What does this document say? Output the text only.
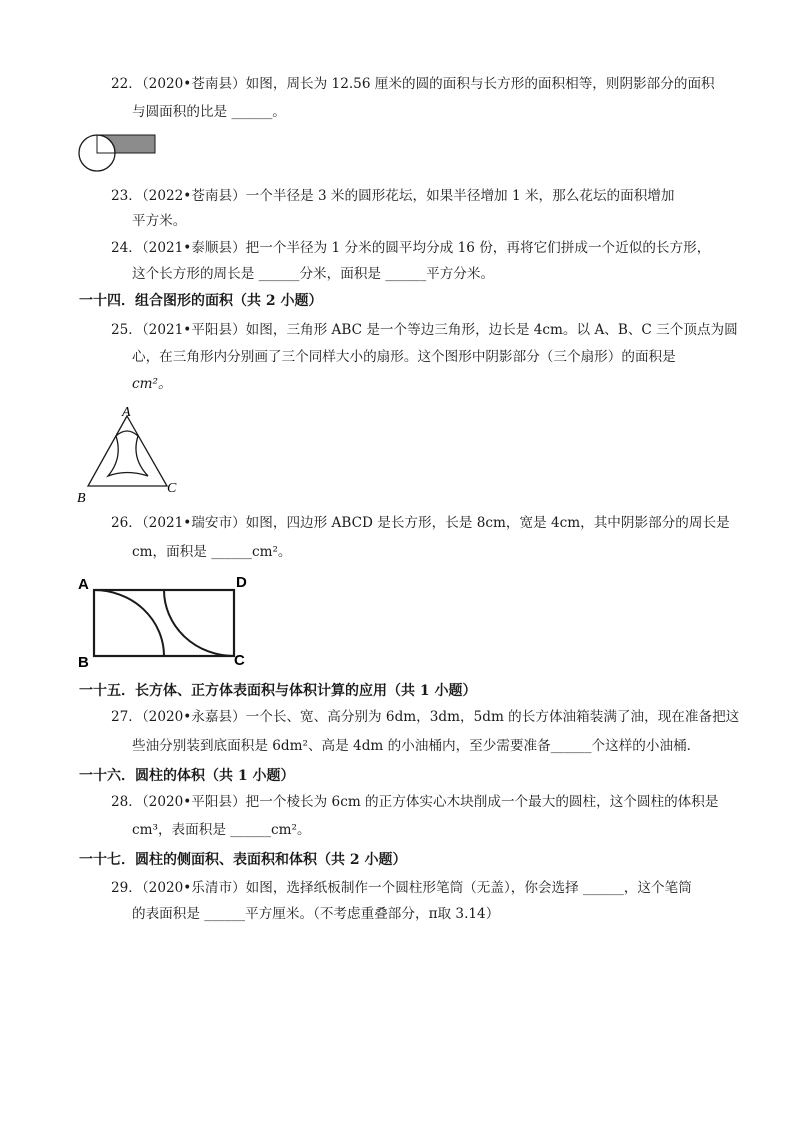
22．（2020•苍南县）如图，周长为 12.56 厘米的圆的面积与长方形的面积相等，则阴影部分的面积
与圆面积的比是 ______。
23．（2022•苍南县）一个半径是 3 米的圆形花坛，如果半径增加 1 米，那么花坛的面积增加
平方米。
24．（2021•泰顺县）把一个半径为 1 分米的圆平均分成 16 份，再将它们拼成一个近似的长方形，
这个长方形的周长是 ______分米，面积是 ______平方分米。
一十四．组合图形的面积（共 2 小题）
25．（2021•平阳县）如图，三角形 ABC 是一个等边三角形，边长是 4cm。以 A、B、C 三个顶点为圆
心，在三角形内分别画了三个同样大小的扇形。这个图形中阴影部分（三个扇形）的面积是
cm²。
A
B
C
26．（2021•瑞安市）如图，四边形 ABCD 是长方形，长是 8cm，宽是 4cm，其中阴影部分的周长是
cm，面积是 ______cm²。
A
B	C
D
一十五．长方体、正方体表面积与体积计算的应用（共 1 小题）
27．（2020•永嘉县）一个长、宽、高分别为 6dm，3dm，5dm 的长方体油箱装满了油，现在准备把这
些油分别装到底面积是 6dm²、高是 4dm 的小油桶内，至少需要准备______个这样的小油桶．
一十六．圆柱的体积（共 1 小题）
28．（2020•平阳县）把一个棱长为 6cm 的正方体实心木块削成一个最大的圆柱，这个圆柱的体积是
cm³，表面积是 ______cm²。
一十七．圆柱的侧面积、表面积和体积（共 2 小题）
29．（2020•乐清市）如图，选择纸板制作一个圆柱形笔筒（无盖），你会选择 ______，这个笔筒
的表面积是 ______平方厘米。（不考虑重叠部分，π取 3.14）
